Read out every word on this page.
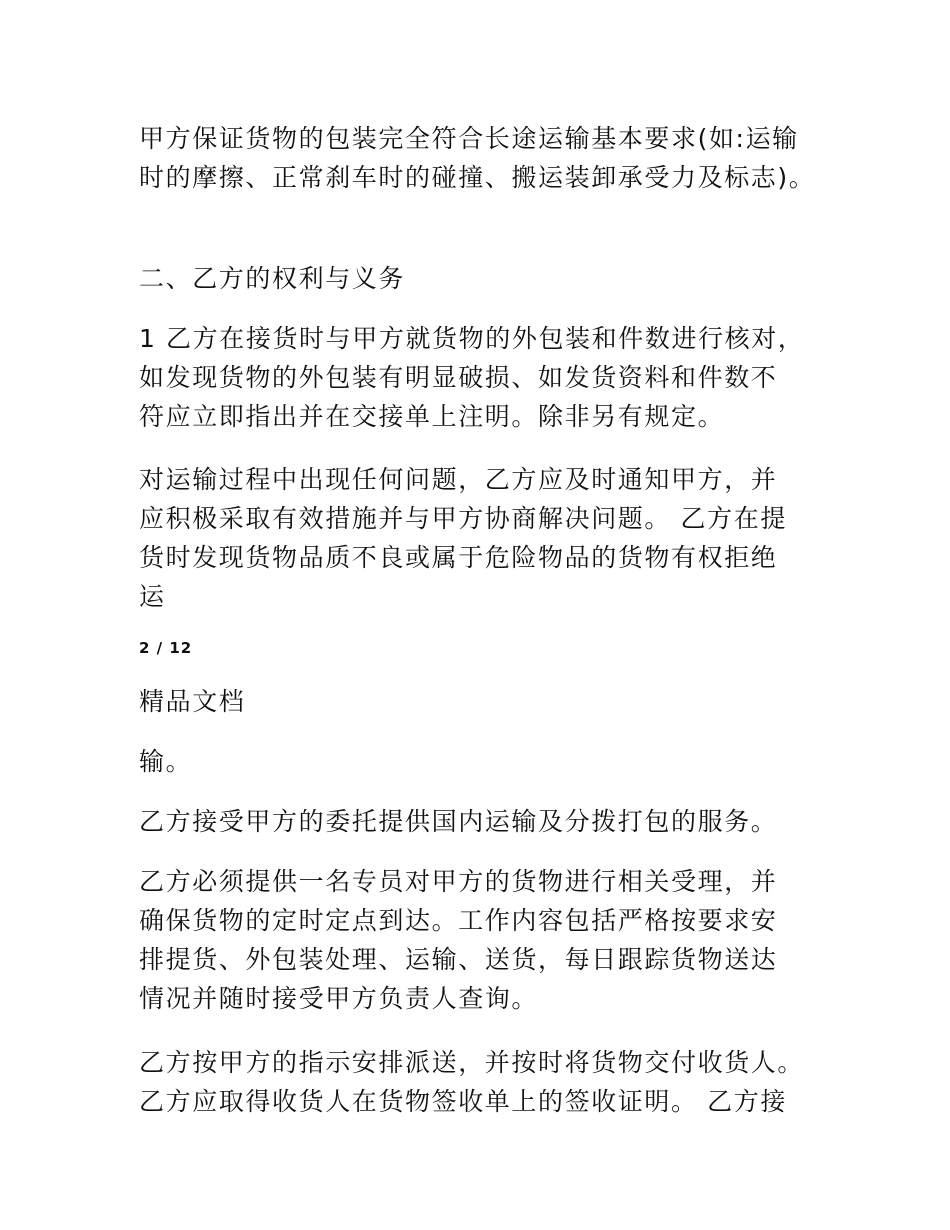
甲方保证货物的包装完全符合长途运输基本要求(如:运输

时的摩擦、正常刹车时的碰撞、搬运装卸承受力及标志)。

二、乙方的权利与义务

1 乙方在接货时与甲方就货物的外包装和件数进行核对，

如发现货物的外包装有明显破损、如发货资料和件数不

符应立即指出并在交接单上注明。除非另有规定。

对运输过程中出现任何问题，乙方应及时通知甲方，并

应积极采取有效措施并与甲方协商解决问题。 乙方在提

货时发现货物品质不良或属于危险物品的货物有权拒绝

运

2 / 12

精品文档

输。

乙方接受甲方的委托提供国内运输及分拨打包的服务。

乙方必须提供一名专员对甲方的货物进行相关受理，并

确保货物的定时定点到达。工作内容包括严格按要求安

排提货、外包装处理、运输、送货，每日跟踪货物送达

情况并随时接受甲方负责人查询。

乙方按甲方的指示安排派送，并按时将货物交付收货人。

乙方应取得收货人在货物签收单上的签收证明。 乙方接
